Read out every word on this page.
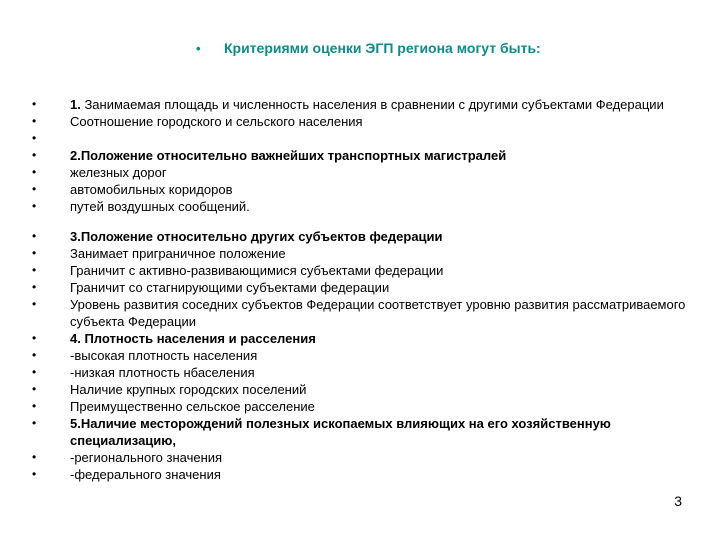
• Критериями оценки ЭГП региона могут быть:
•	1. Занимаемая площадь и численность населения в сравнении с другими субъектами Федерации
•	Соотношение городского и сельского населения
•

•	2.Положение относительно важнейших транспортных магистралей
•	железных дорог
•	автомобильных коридоров
•	путей воздушных сообщений.
•	3.Положение относительно других субъектов федерации
•	Занимает приграничное положение
•	Граничит с активно-развивающимися субъектами федерации
•	Граничит со стагнирующими субъектами федерации
•	Уровень развития соседних субъектов Федерации соответствует уровню развития рассматриваемого субъекта Федерации
•	4. Плотность населения и расселения
•	-высокая плотность населения
•	-низкая плотность нбаселения
•	Наличие крупных городских поселений
•	Преимущественно сельское расселение
•	5.Наличие месторождений полезных ископаемых влияющих на его хозяйственную специализацию,
•	-регионального значения
•	-федерального значения
3
